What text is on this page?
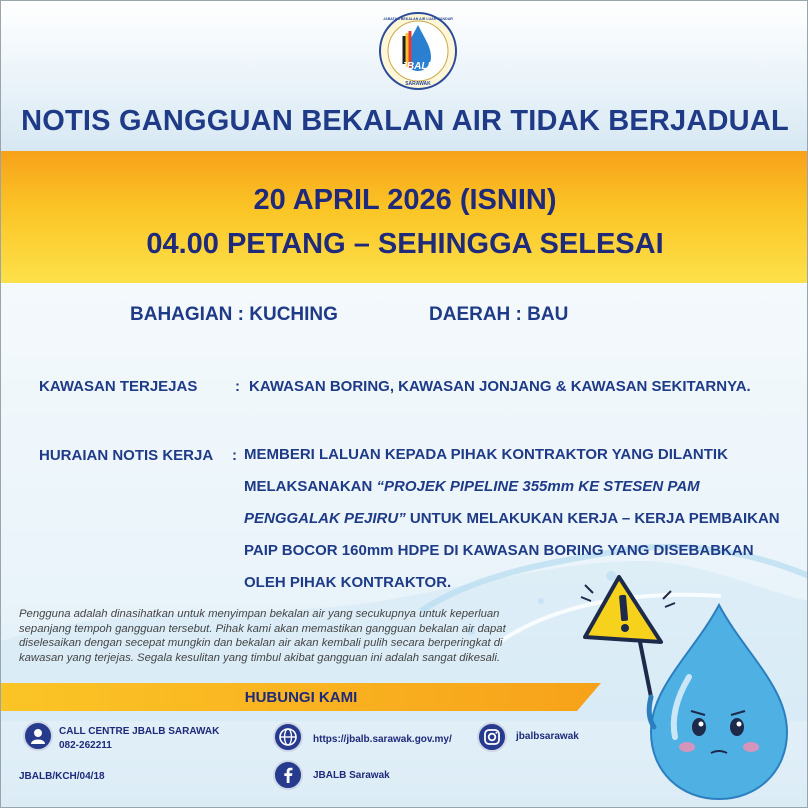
JBALB
SARAWAK
JABATAN BEKALAN AIR LUAR BANDAR
NOTIS GANGGUAN BEKALAN AIR TIDAK BERJADUAL
20 APRIL 2026 (ISNIN)
04.00 PETANG – SEHINGGA SELESAI
BAHAGIAN : KUCHING	DAERAH : BAU
KAWASAN TERJEJAS	: KAWASAN BORING, KAWASAN JONJANG & KAWASAN SEKITARNYA.
HURAIAN NOTIS KERJA : MEMBERI LALUAN KEPADA PIHAK KONTRAKTOR YANG DILANTIK
MELAKSANAKAN “PROJEK PIPELINE 355mm KE STESEN PAM
PENGGALAK PEJIRU” UNTUK MELAKUKAN KERJA – KERJA PEMBAIKAN
PAIP BOCOR 160mm HDPE DI KAWASAN BORING YANG DISEBABKAN
OLEH PIHAK KONTRAKTOR.
Pengguna adalah dinasihatkan untuk menyimpan bekalan air yang secukupnya untuk keperluan
sepanjang tempoh gangguan tersebut. Pihak kami akan memastikan gangguan bekalan air dapat
diselesaikan dengan secepat mungkin dan bekalan air akan kembali pulih secara berperingkat di
kawasan yang terjejas. Segala kesulitan yang timbul akibat gangguan ini adalah sangat dikesali.
HUBUNGI KAMI
CALL CENTRE JBALB SARAWAK
082-262211
https://jbalb.sarawak.gov.my/	jbalbsarawak
JBALB Sarawak
JBALB/KCH/04/18
